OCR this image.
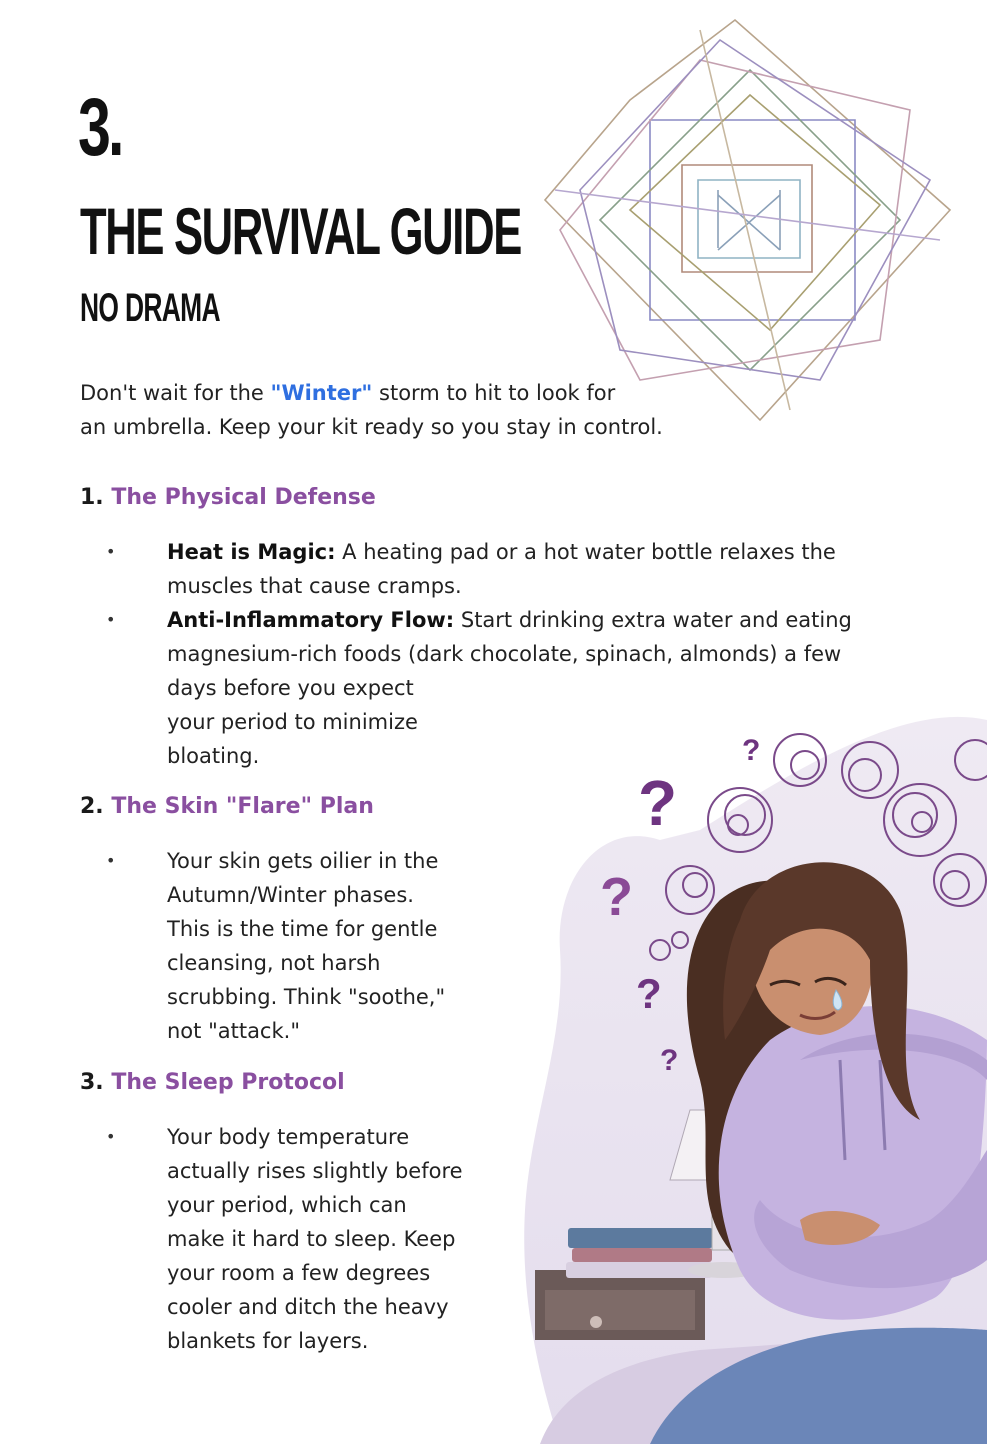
?
?
?
?
?
3.
THE SURVIVAL GUIDE
NO DRAMA

Don't wait for the "Winter" storm to hit to look for
an umbrella. Keep your kit ready so you stay in control.

1. The Physical Defense
• Heat is Magic: A heating pad or a hot water bottle relaxes the
muscles that cause cramps.
• Anti-Inflammatory Flow: Start drinking extra water and eating
magnesium-rich foods (dark chocolate, spinach, almonds) a few
days before you expect
your period to minimize
bloating.
2. The Skin "Flare" Plan
• Your skin gets oilier in the
Autumn/Winter phases.
This is the time for gentle
cleansing, not harsh
scrubbing. Think "soothe,"
not "attack."
3. The Sleep Protocol
• Your body temperature
actually rises slightly before
your period, which can
make it hard to sleep. Keep
your room a few degrees
cooler and ditch the heavy
blankets for layers.
